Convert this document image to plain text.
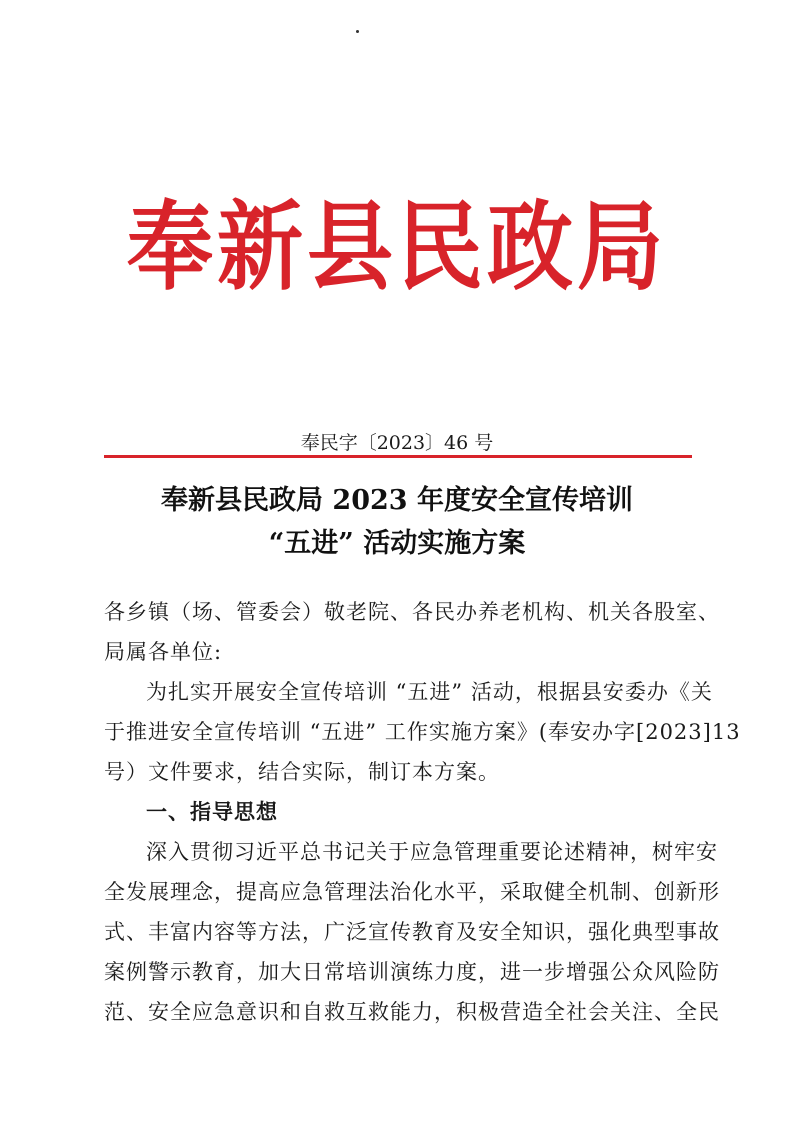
奉新县民政局
奉民字〔2023〕46 号
奉新县民政局 2023 年度安全宣传培训
“五进” 活动实施方案
各乡镇（场、管委会）敬老院、各民办养老机构、机关各股室、
局属各单位:
为扎实开展安全宣传培训 “五进” 活动，根据县安委办《关
于推进安全宣传培训 “五进” 工作实施方案》(奉安办字[2023]13
号）文件要求，结合实际，制订本方案。
一、指导思想
深入贯彻习近平总书记关于应急管理重要论述精神，树牢安
全发展理念，提高应急管理法治化水平，采取健全机制、创新形
式、丰富内容等方法，广泛宣传教育及安全知识，强化典型事故
案例警示教育，加大日常培训演练力度，进一步增强公众风险防
范、安全应急意识和自救互救能力，积极营造全社会关注、全民
